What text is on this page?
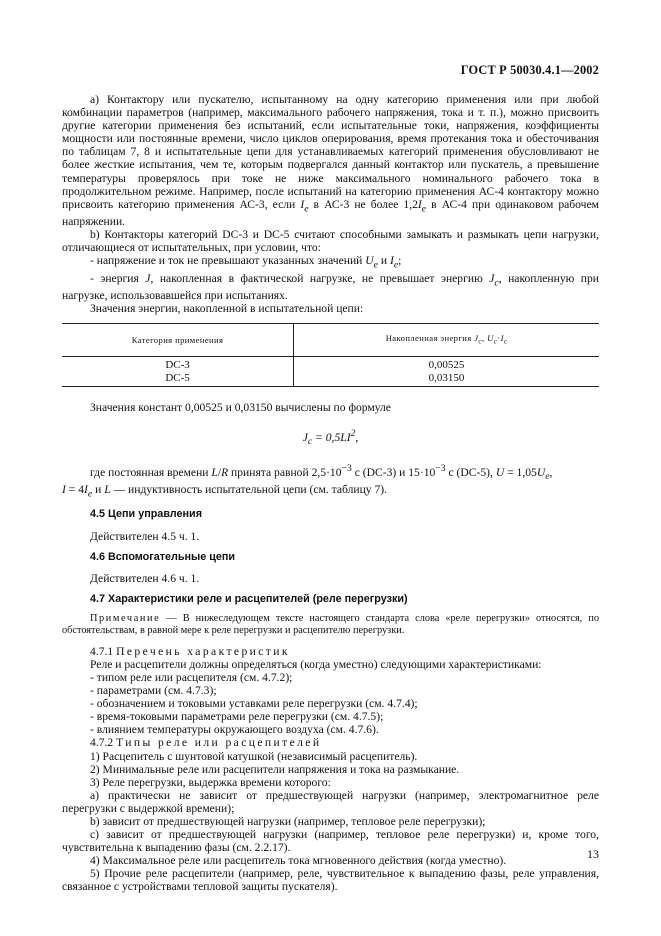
ГОСТ Р 50030.4.1—2002

a) Контактору или пускателю, испытанному на одну категорию применения или при любой комбинации параметров (например, максимального рабочего напряжения, тока и т. п.), можно присвоить другие категории применения без испытаний, если испытательные токи, напряжения, коэффициенты мощности или постоянные времени, число циклов оперирования, время протекания тока и обесточивания по таблицам 7, 8 и испытательные цепи для устанавливаемых категорий применения обусловливают не более жесткие испытания, чем те, которым подвергался данный контактор или пускатель, а превышение температуры проверялось при токе не ниже максимального номинального рабочего тока в продолжительном режиме. Например, после испытаний на категорию применения АС-4 контактору можно присвоить категорию применения АС-3, если $I_e$ в АС-3 не более $1,2I_e$ в АС-4 при одинаковом рабочем напряжении.

b) Контакторы категорий DC-3 и DC-5 считают способными замыкать и размыкать цепи нагрузки, отличающиеся от испытательных, при условии, что:

- напряжение и ток не превышают указанных значений $U_e$ и $I_e$;

- энергия J, накопленная в фактической нагрузке, не превышает энергию $J_c$, накопленную при нагрузке, использовавшейся при испытаниях.

Значения энергии, накопленной в испытательной цепи:

Категория применения	Накопленная энергия $J_c$, $U_c\cdot I_c$
DC-3	0,00525
DC-5	0,03150

Значения констант 0,00525 и 0,03150 вычислены по формуле

$J_c = 0,5LI^2$,

где постоянная времени L/R принята равной $2,5\cdot 10^{-3}$ с (DC-3) и $15\cdot 10^{-3}$ с (DC-5), $U = 1,05U_e$,
$I = 4I_e$ и L — индуктивность испытательной цепи (см. таблицу 7).

4.5 Цепи управления

Действителен 4.5 ч. 1.

4.6 Вспомогательные цепи

Действителен 4.6 ч. 1.

4.7 Характеристики реле и расцепителей (реле перегрузки)

Примечание — В нижеследующем тексте настоящего стандарта слова «реле перегрузки» относятся, по обстоятельствам, в равной мере к реле перегрузки и расцепителю перегрузки.

4.7.1 Перечень характеристик

Реле и расцепители должны определяться (когда уместно) следующими характеристиками:

- типом реле или расцепителя (см. 4.7.2);

- параметрами (см. 4.7.3);

- обозначением и токовыми уставками реле перегрузки (см. 4.7.4);

- время-токовыми параметрами реле перегрузки (см. 4.7.5);

- влиянием температуры окружающего воздуха (см. 4.7.6).

4.7.2 Типы реле или расцепителей

1) Расцепитель с шунтовой катушкой (независимый расцепитель).

2) Минимальные реле или расцепители напряжения и тока на размыкание.

3) Реле перегрузки, выдержка времени которого:

a) практически не зависит от предшествующей нагрузки (например, электромагнитное реле перегрузки с выдержкой времени);

b) зависит от предшествующей нагрузки (например, тепловое реле перегрузки);

c) зависит от предшествующей нагрузки (например, тепловое реле перегрузки) и, кроме того, чувствительна к выпадению фазы (см. 2.2.17).

4) Максимальное реле или расцепитель тока мгновенного действия (когда уместно).

5) Прочие реле расцепители (например, реле, чувствительное к выпадению фазы, реле управления, связанное с устройствами тепловой защиты пускателя).

13
